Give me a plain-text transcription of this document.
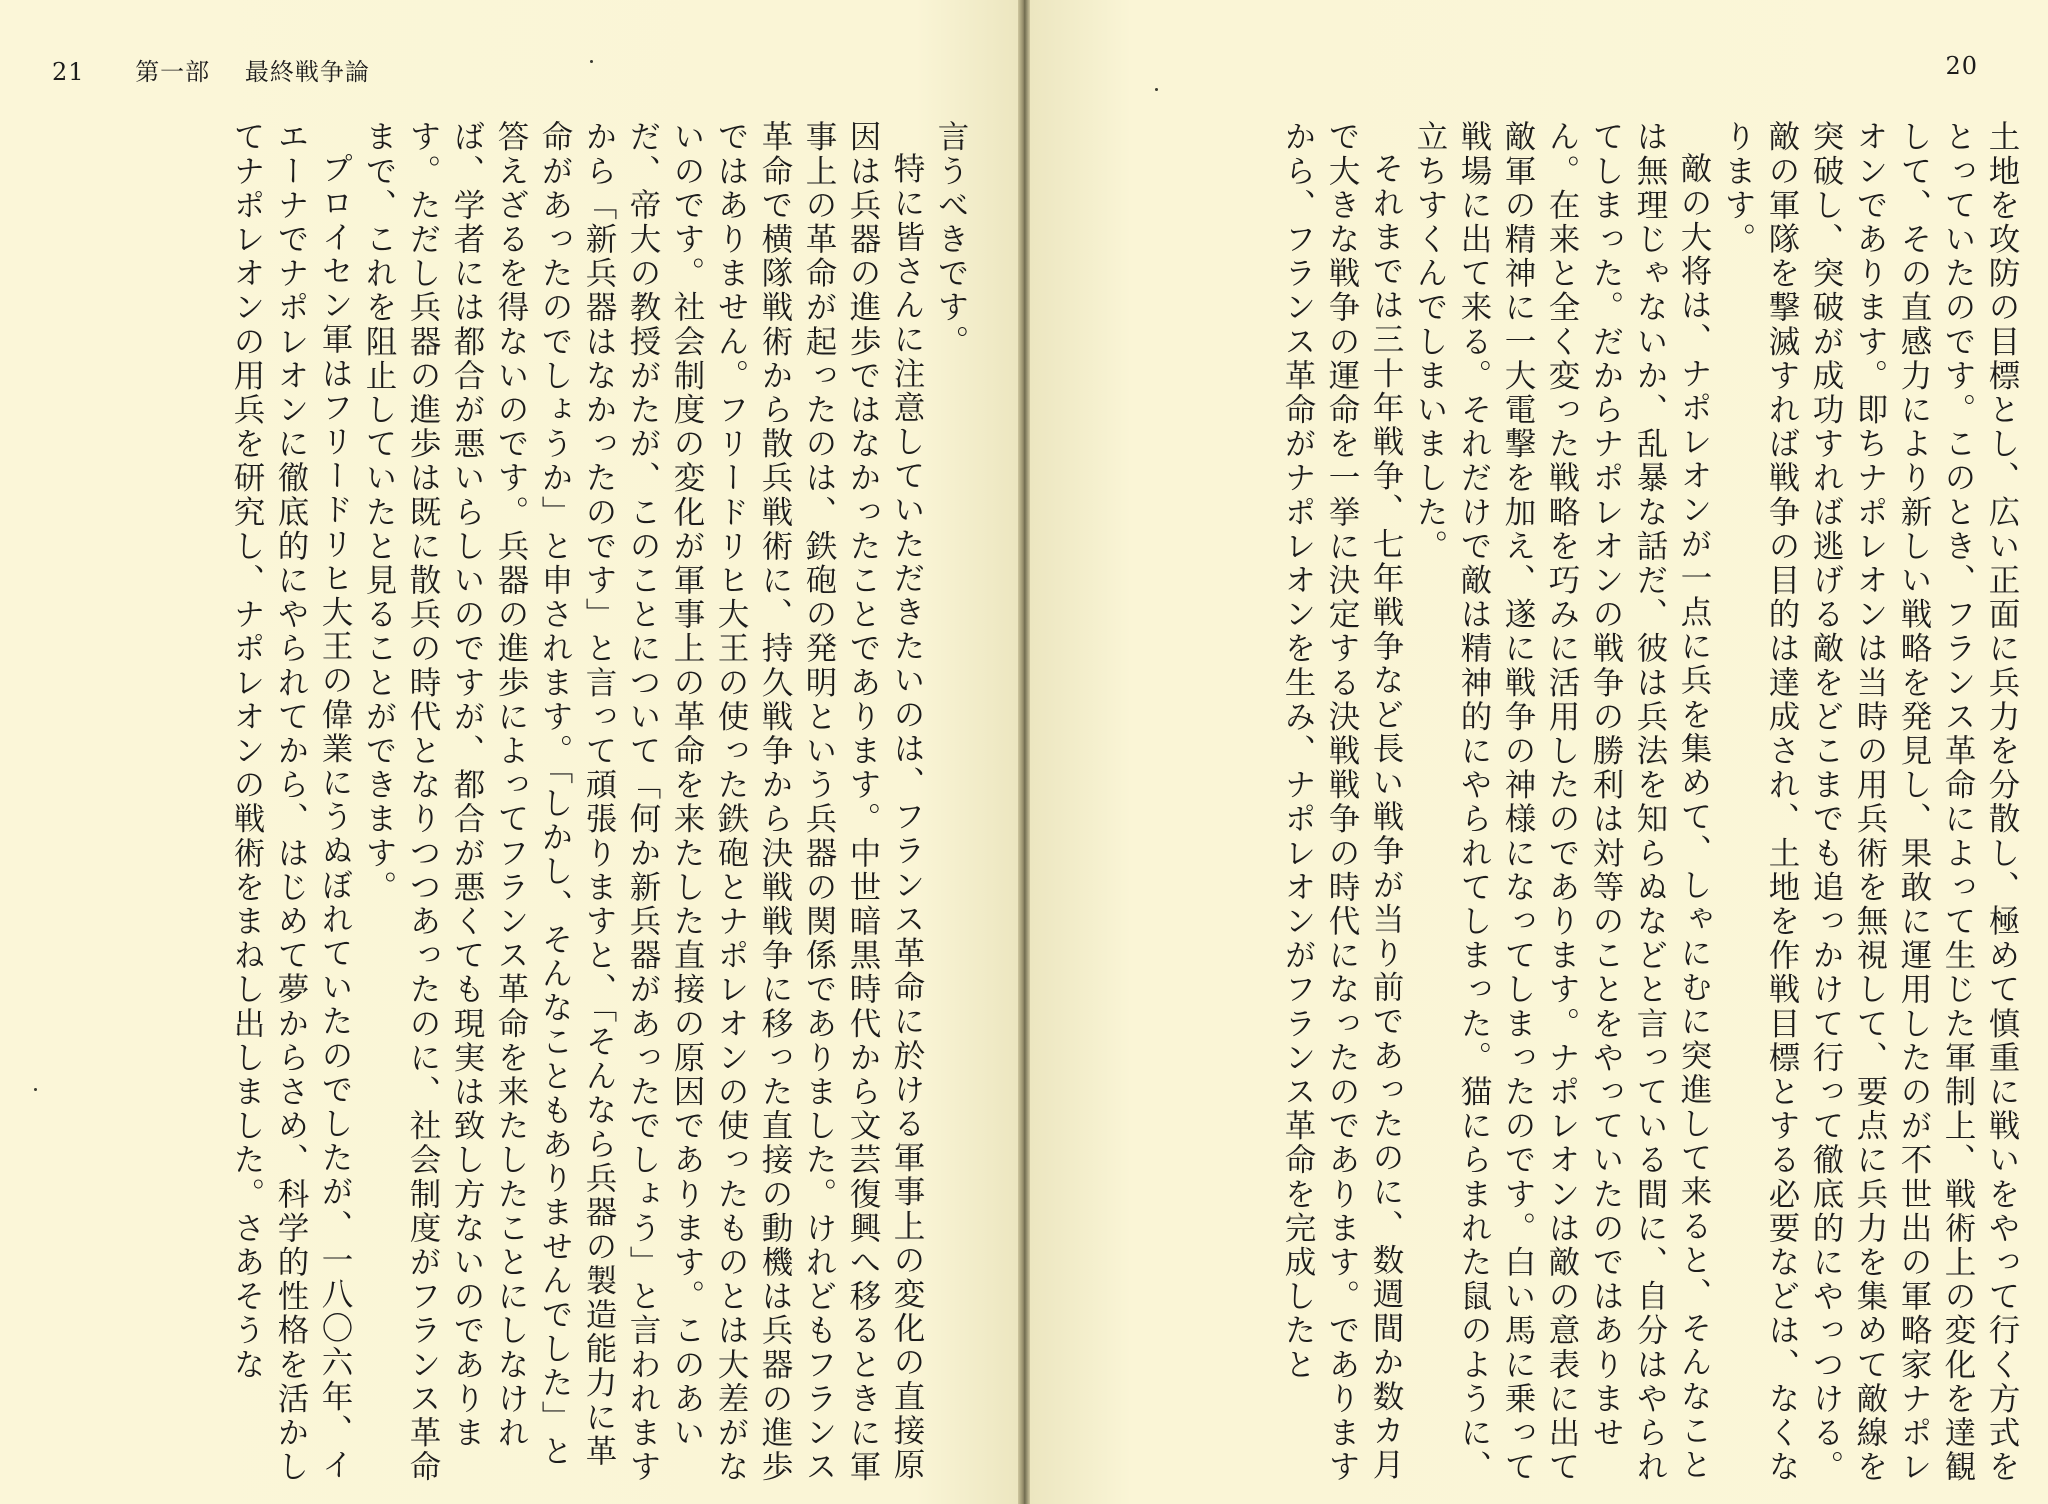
21 第一部 最終戦争論

言うべきです。

特に皆さんに注意していただきたいのは、フランス革命に於ける軍事上の変化の直接原因は兵器の進歩ではなかったことであります。中世暗黒時代から文芸復興へ移るときに軍事上の革命が起ったのは、鉄砲の発明という兵器の関係でありました。けれどもフランス革命で横隊戦術から散兵戦術に、持久戦争から決戦戦争に移った直接の動機は兵器の進歩ではありません。フリードリヒ大王の使った鉄砲とナポレオンの使ったものとは大差がないのです。社会制度の変化が軍事上の革命を来たした直接の原因であります。このあいだ、帝大の教授がたが、このことについて「何か新兵器があったでしょう」と言われますから「新兵器はなかったのです」と言って頑張りますと、「そんなら兵器の製造能力に革命があったのでしょうか」と申されます。「しかし、そんなこともありませんでした」と答えざるを得ないのです。兵器の進歩によってフランス革命を来たしたことにしなければ、学者には都合が悪いらしいのですが、都合が悪くても現実は致し方ないのであります。ただし兵器の進歩は既に散兵の時代となりつつあったのに、社会制度がフランス革命まで、これを阻止していたと見ることができます。

プロイセン軍はフリードリヒ大王の偉業にうぬぼれていたのでしたが、一八〇六年、イエーナでナポレオンに徹底的にやられてから、はじめて夢からさめ、科学的性格を活かしてナポレオンの用兵を研究し、ナポレオンの戦術をまねし出しました。さあそうな

20

土地を攻防の目標とし、広い正面に兵力を分散し、極めて慎重に戦いをやって行く方式をとっていたのです。このとき、フランス革命によって生じた軍制上、戦術上の変化を達観して、その直感力により新しい戦略を発見し、果敢に運用したのが不世出の軍略家ナポレオンであります。即ちナポレオンは当時の用兵術を無視して、要点に兵力を集めて敵線を突破し、突破が成功すれば逃げる敵をどこまでも追っかけて行って徹底的にやっつける。敵の軍隊を撃滅すれば戦争の目的は達成され、土地を作戦目標とする必要などは、なくなります。

敵の大将は、ナポレオンが一点に兵を集めて、しゃにむに突進して来ると、そんなことは無理じゃないか、乱暴な話だ、彼は兵法を知らぬなどと言っている間に、自分はやられてしまった。だからナポレオンの戦争の勝利は対等のことをやっていたのではありません。在来と全く変った戦略を巧みに活用したのであります。ナポレオンは敵の意表に出て敵軍の精神に一大電撃を加え、遂に戦争の神様になってしまったのです。白い馬に乗って戦場に出て来る。それだけで敵は精神的にやられてしまった。猫にらまれた鼠のように、立ちすくんでしまいました。

それまでは三十年戦争、七年戦争など長い戦争が当り前であったのに、数週間か数カ月で大きな戦争の運命を一挙に決定する決戦戦争の時代になったのであります。でありますから、フランス革命がナポレオンを生み、ナポレオンがフランス革命を完成したと
